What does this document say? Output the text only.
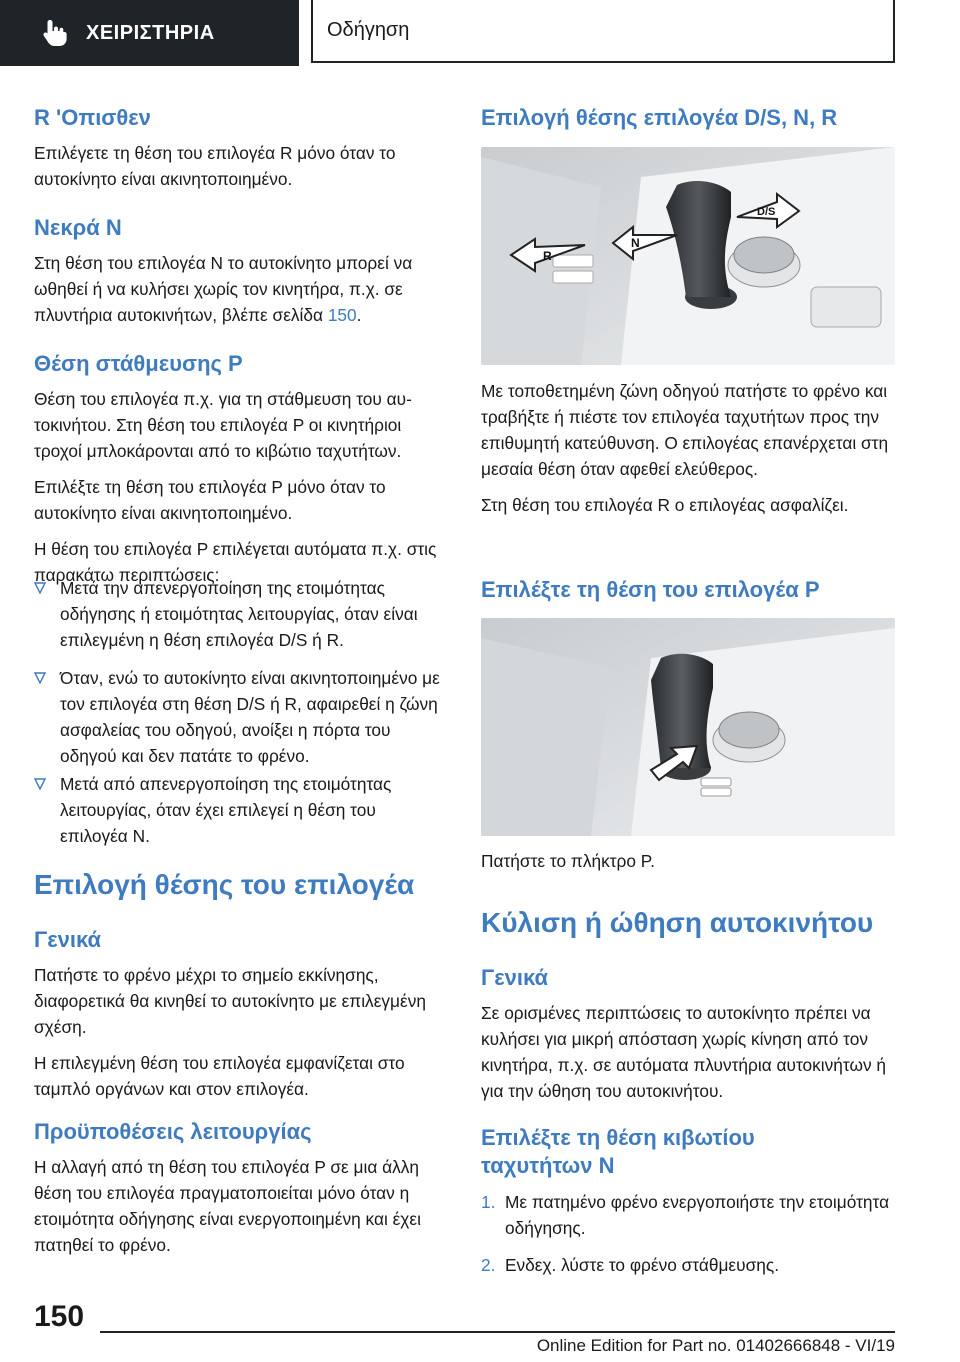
ΧΕΙΡΙΣΤΗΡΙΑ	Οδήγηση
R 'Οπισθεν

Επιλέγετε τη θέση του επιλογέα R μόνο όταν το αυτοκίνητο είναι ακινητοποιημένο.

Νεκρά N

Στη θέση του επιλογέα N το αυτοκίνητο μπορεί να ωθηθεί ή να κυλήσει χωρίς τον κινητήρα, π.χ. σε πλυντήρια αυτοκινήτων, βλέπε σελίδα 150.

Θέση στάθμευσης P

Θέση του επιλογέα π.χ. για τη στάθμευση του αυτοκινήτου. Στη θέση του επιλογέα P οι κινητήριοι τροχοί μπλοκάρονται από το κιβώτιο ταχυτήτων.

Επιλέξτε τη θέση του επιλογέα P μόνο όταν το αυτοκίνητο είναι ακινητοποιημένο.

Η θέση του επιλογέα P επιλέγεται αυτόματα π.χ. στις παρακάτω περιπτώσεις:

Μετά την απενεργοποίηση της ετοιμότητας οδήγησης ή ετοιμότητας λειτουργίας, όταν είναι επιλεγμένη η θέση επιλογέα D/S ή R.

Όταν, ενώ το αυτοκίνητο είναι ακινητοποιημένο με τον επιλογέα στη θέση D/S ή R, αφαιρεθεί η ζώνη ασφαλείας του οδηγού, ανοίξει η πόρτα του οδηγού και δεν πατάτε το φρένο.

Μετά από απενεργοποίηση της ετοιμότητας λειτουργίας, όταν έχει επιλεγεί η θέση του επιλογέα N.

Επιλογή θέσης του επιλογέα
Γενικά

Πατήστε το φρένο μέχρι το σημείο εκκίνησης, διαφορετικά θα κινηθεί το αυτοκίνητο με επιλεγμένη σχέση.

Η επιλεγμένη θέση του επιλογέα εμφανίζεται στο ταμπλό οργάνων και στον επιλογέα.

Προϋποθέσεις λειτουργίας

Η αλλαγή από τη θέση του επιλογέα P σε μια άλλη θέση του επιλογέα πραγματοποιείται μόνο όταν η ετοιμότητα οδήγησης είναι ενεργοποιημένη και έχει πατηθεί το φρένο.

Επιλογή θέσης επιλογέα D/S, N, R
R
N
D/S

Με τοποθετημένη ζώνη οδηγού πατήστε το φρένο και τραβήξτε ή πιέστε τον επιλογέα ταχυτήτων προς την επιθυμητή κατεύθυνση. Ο επιλογέας επανέρχεται στη μεσαία θέση όταν αφεθεί ελεύθερος.

Στη θέση του επιλογέα R ο επιλογέας ασφαλίζει.

Επιλέξτε τη θέση του επιλογέα P

Πατήστε το πλήκτρο P.

Κύλιση ή ώθηση αυτοκινήτου
Γενικά

Σε ορισμένες περιπτώσεις το αυτοκίνητο πρέπει να κυλήσει για μικρή απόσταση χωρίς κίνηση από τον κινητήρα, π.χ. σε αυτόματα πλυντήρια αυτοκινήτων ή για την ώθηση του αυτοκινήτου.

Επιλέξτε τη θέση κιβωτίου ταχυτήτων N
1. Με πατημένο φρένο ενεργοποιήστε την ετοιμότητα οδήγησης.

2. Ενδεχ. λύστε το φρένο στάθμευσης.

150
Online Edition for Part no. 01402666848 - VI/19
